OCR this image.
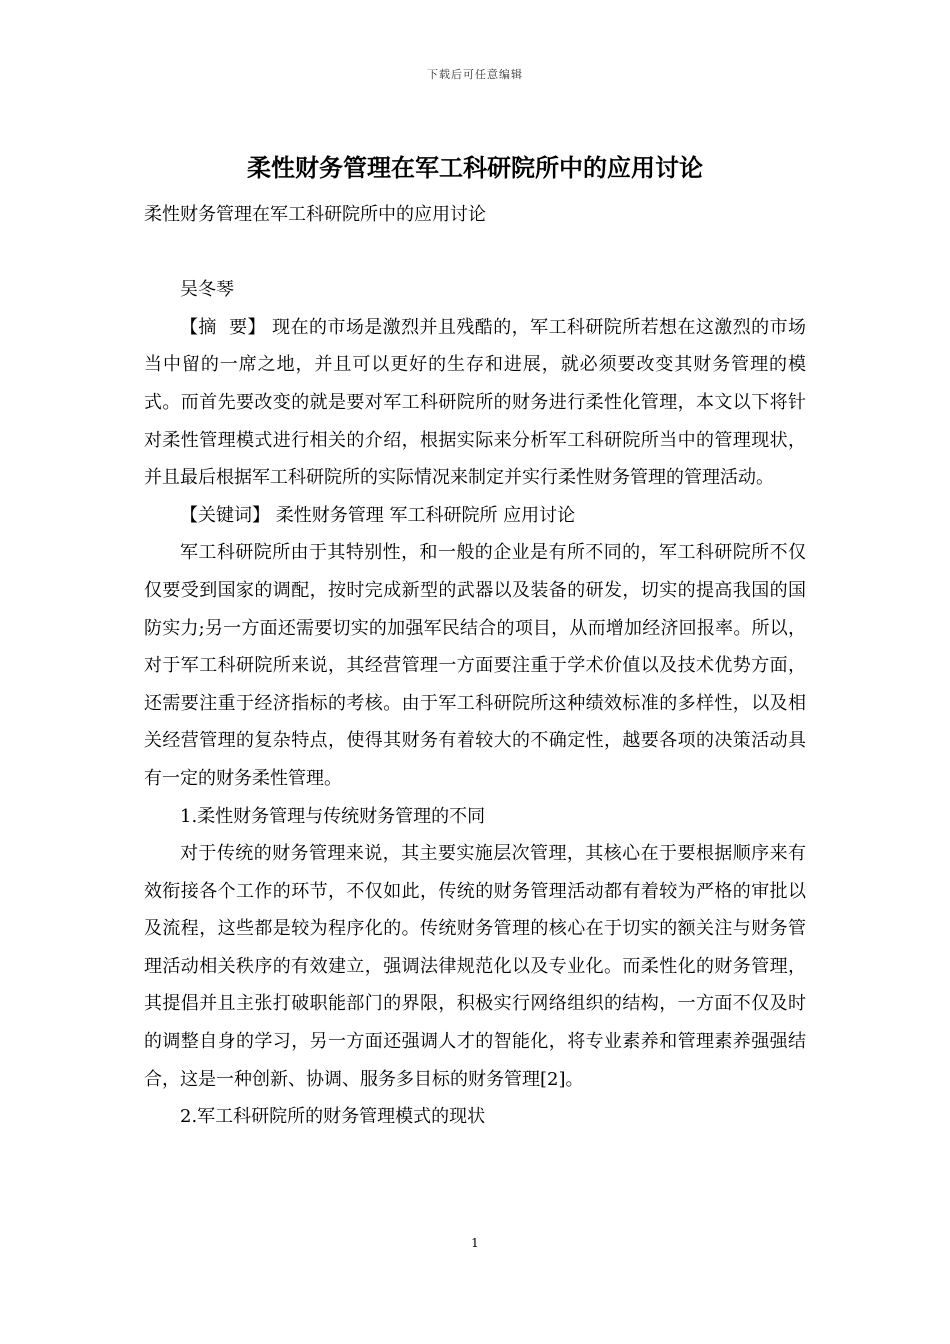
下载后可任意编辑
柔性财务管理在军工科研院所中的应用讨论

柔性财务管理在军工科研院所中的应用讨论

吴冬琴

【摘  要】 现在的市场是激烈并且残酷的，军工科研院所若想在这激烈的市场当中留的一席之地，并且可以更好的生存和进展，就必须要改变其财务管理的模式。而首先要改变的就是要对军工科研院所的财务进行柔性化管理，本文以下将针对柔性管理模式进行相关的介绍，根据实际来分析军工科研院所当中的管理现状，并且最后根据军工科研院所的实际情况来制定并实行柔性财务管理的管理活动。

【关键词】 柔性财务管理 军工科研院所 应用讨论

军工科研院所由于其特别性，和一般的企业是有所不同的，军工科研院所不仅仅要受到国家的调配，按时完成新型的武器以及装备的研发，切实的提高我国的国防实力;另一方面还需要切实的加强军民结合的项目，从而增加经济回报率。所以，对于军工科研院所来说，其经营管理一方面要注重于学术价值以及技术优势方面，还需要注重于经济指标的考核。由于军工科研院所这种绩效标准的多样性，以及相关经营管理的复杂特点，使得其财务有着较大的不确定性，越要各项的决策活动具有一定的财务柔性管理。

1.柔性财务管理与传统财务管理的不同

对于传统的财务管理来说，其主要实施层次管理，其核心在于要根据顺序来有效衔接各个工作的环节，不仅如此，传统的财务管理活动都有着较为严格的审批以及流程，这些都是较为程序化的。传统财务管理的核心在于切实的额关注与财务管理活动相关秩序的有效建立，强调法律规范化以及专业化。而柔性化的财务管理，其提倡并且主张打破职能部门的界限，积极实行网络组织的结构，一方面不仅及时的调整自身的学习，另一方面还强调人才的智能化，将专业素养和管理素养强强结合，这是一种创新、协调、服务多目标的财务管理[2]。

2.军工科研院所的财务管理模式的现状

1
